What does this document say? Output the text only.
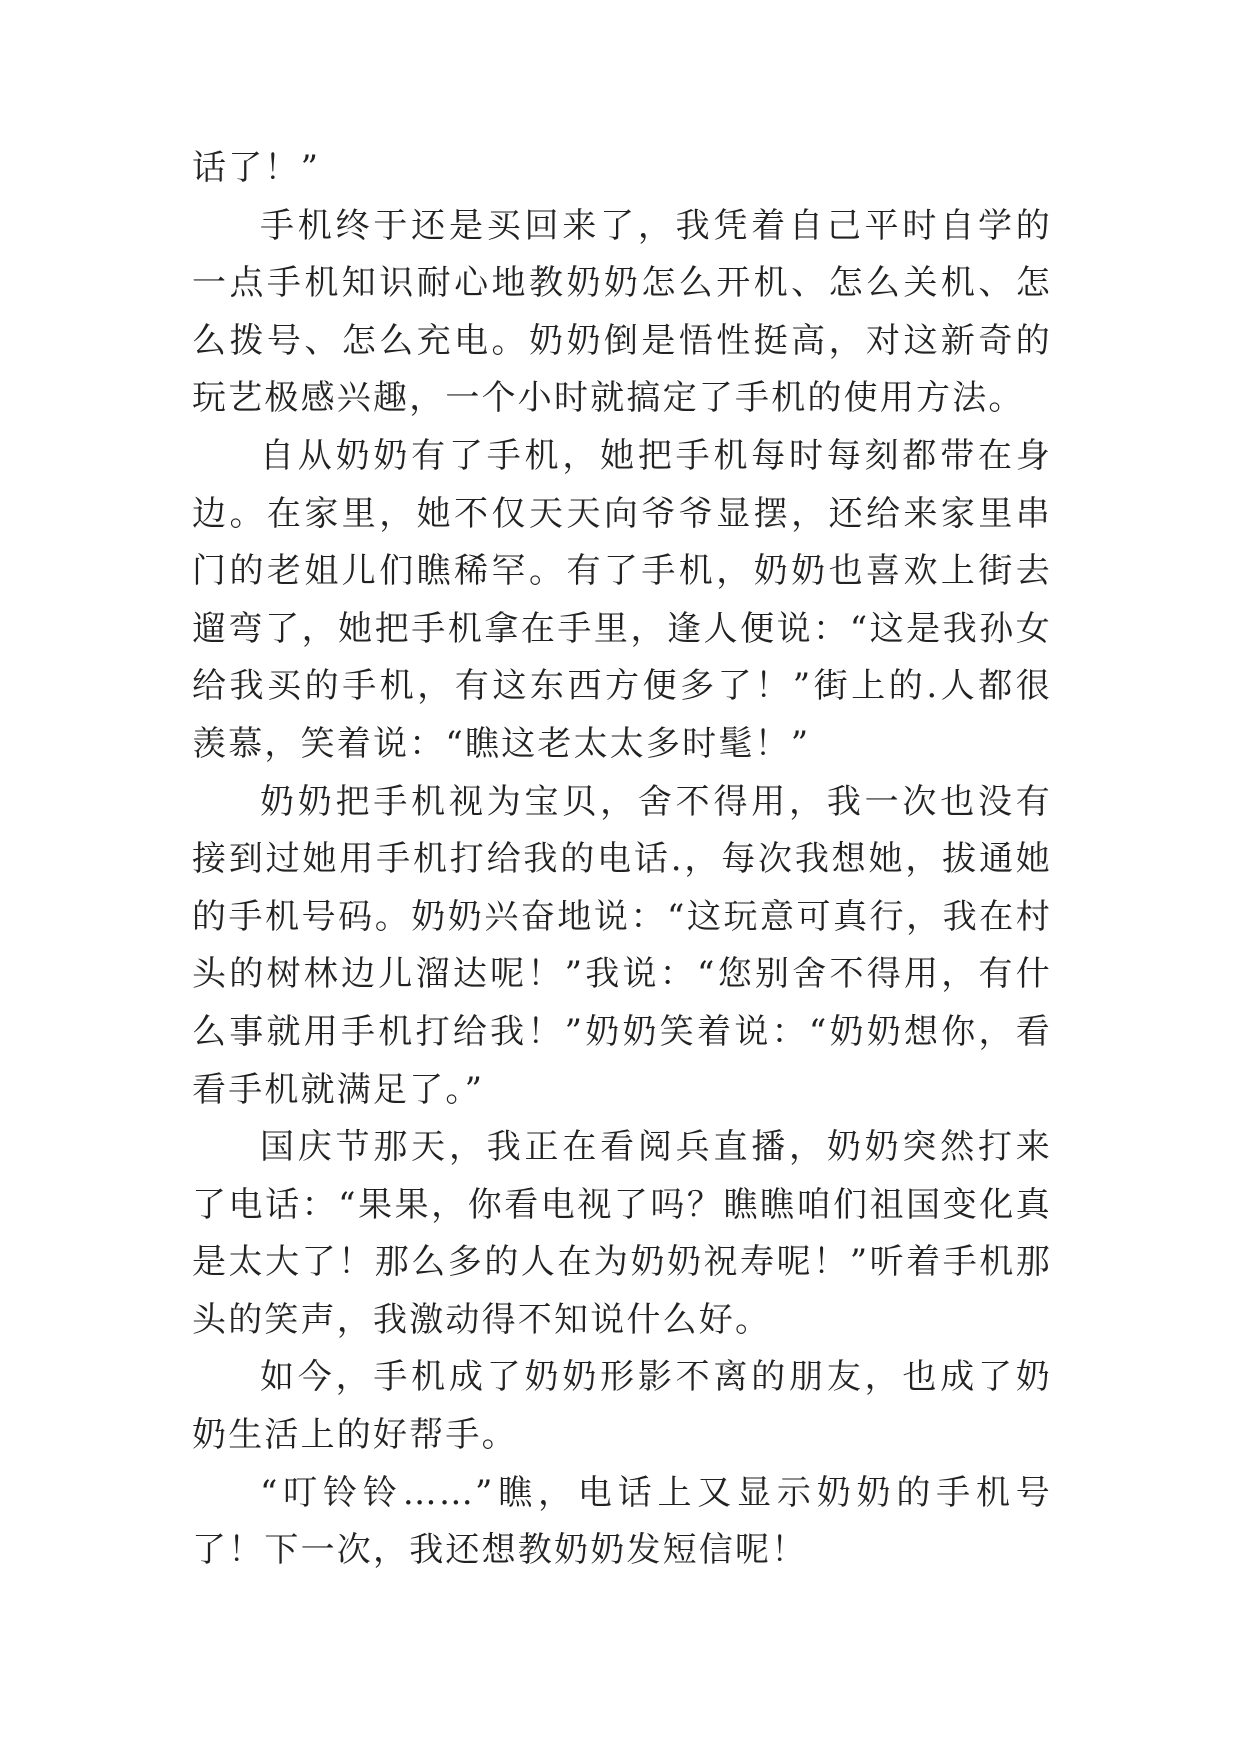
话了！”

手机终于还是买回来了，我凭着自己平时自学的一点手机知识耐心地教奶奶怎么开机、怎么关机、怎么拨号、怎么充电。奶奶倒是悟性挺高，对这新奇的玩艺极感兴趣，一个小时就搞定了手机的使用方法。

自从奶奶有了手机，她把手机每时每刻都带在身边。在家里，她不仅天天向爷爷显摆，还给来家里串门的老姐儿们瞧稀罕。有了手机，奶奶也喜欢上街去遛弯了，她把手机拿在手里，逢人便说：“这是我孙女给我买的手机，有这东西方便多了！”街上的.人都很羡慕，笑着说：“瞧这老太太多时髦！”

奶奶把手机视为宝贝，舍不得用，我一次也没有接到过她用手机打给我的电话.，每次我想她，拔通她的手机号码。奶奶兴奋地说：“这玩意可真行，我在村头的树林边儿溜达呢！”我说：“您别舍不得用，有什么事就用手机打给我！”奶奶笑着说：“奶奶想你，看看手机就满足了。”

国庆节那天，我正在看阅兵直播，奶奶突然打来了电话：“果果，你看电视了吗？瞧瞧咱们祖国变化真是太大了！那么多的人在为奶奶祝寿呢！”听着手机那头的笑声，我激动得不知说什么好。

如今，手机成了奶奶形影不离的朋友，也成了奶奶生活上的好帮手。

“叮铃铃……”瞧，电话上又显示奶奶的手机号了！下一次，我还想教奶奶发短信呢！
